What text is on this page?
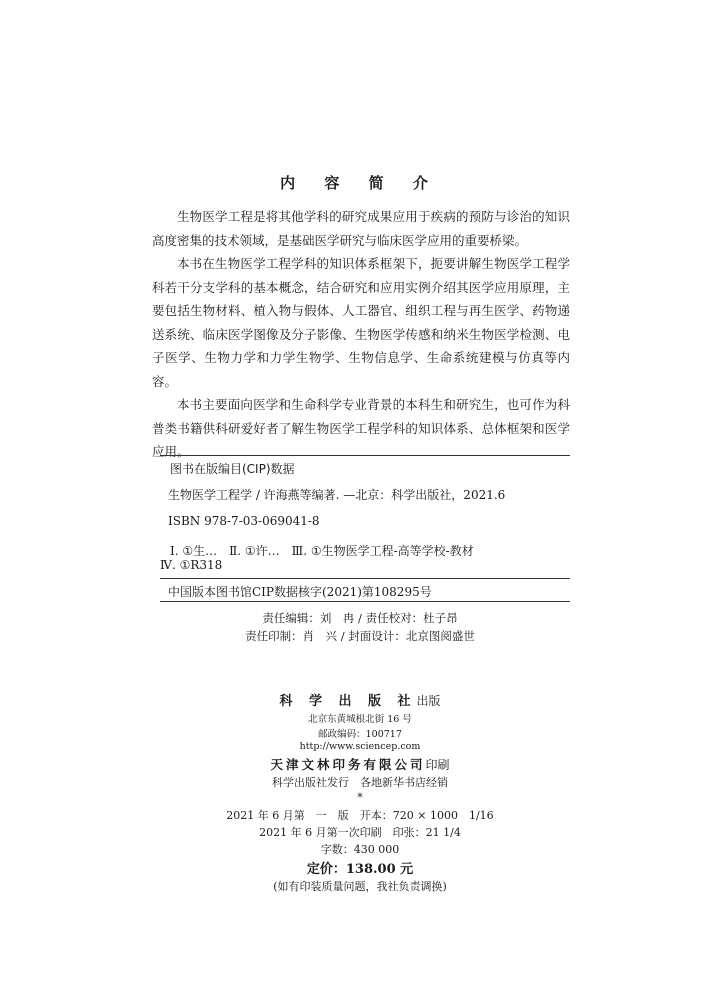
内 容 简 介

生物医学工程是将其他学科的研究成果应用于疾病的预防与诊治的知识高度密集的技术领域，是基础医学研究与临床医学应用的重要桥梁。

本书在生物医学工程学科的知识体系框架下，扼要讲解生物医学工程学科若干分支学科的基本概念，结合研究和应用实例介绍其医学应用原理，主要包括生物材料、植入物与假体、人工器官、组织工程与再生医学、药物递送系统、临床医学图像及分子影像、生物医学传感和纳米生物医学检测、电子医学、生物力学和力学生物学、生物信息学、生命系统建模与仿真等内容。

本书主要面向医学和生命科学专业背景的本科生和研究生，也可作为科普类书籍供科研爱好者了解生物医学工程学科的知识体系、总体框架和医学应用。

图书在版编目(CIP)数据
生物医学工程学 / 许海燕等编著. —北京：科学出版社，2021.6
ISBN 978-7-03-069041-8
Ⅰ. ①生…　Ⅱ. ①许…　Ⅲ. ①生物医学工程-高等学校-教材
Ⅳ. ①R318
中国版本图书馆CIP数据核字(2021)第108295号
责任编辑：刘　冉 / 责任校对：杜子昂
责任印制：肖　兴 / 封面设计：北京图阅盛世
科 学 出 版 社出版
北京东黄城根北街 16 号
邮政编码：100717
http://www.sciencep.com
天津文林印务有限公司印刷
科学出版社发行　各地新华书店经销
*
2021 年 6 月第　一　版　开本：720 × 1000　1/16
2021 年 6 月第一次印刷　印张：21 1/4
字数：430 000
定价：138.00 元
(如有印装质量问题，我社负责调换)
